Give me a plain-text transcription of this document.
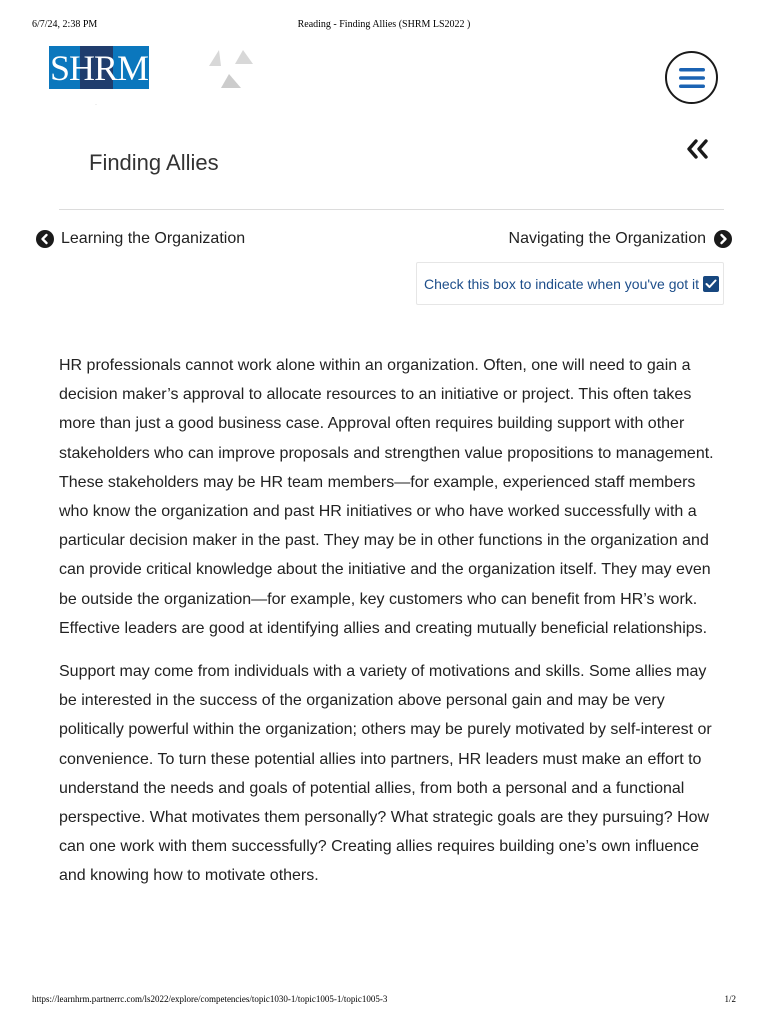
6/7/24, 2:38 PM	Reading - Finding Allies (SHRM LS2022 )
SHRM
·
Finding Allies
Learning the Organization	Navigating the Organization
Check this box to indicate when you've got it

HR professionals cannot work alone within an organization. Often, one will need to gain a decision maker’s approval to allocate resources to an initiative or project. This often takes more than just a good business case. Approval often requires building support with other stakeholders who can improve proposals and strengthen value propositions to management. These stakeholders may be HR team members—for example, experienced staff members who know the organization and past HR initiatives or who have worked successfully with a particular decision maker in the past. They may be in other functions in the organization and can provide critical knowledge about the initiative and the organization itself. They may even be outside the organization—for example, key customers who can benefit from HR’s work. Effective leaders are good at identifying allies and creating mutually beneficial relationships.

Support may come from individuals with a variety of motivations and skills. Some allies may be interested in the success of the organization above personal gain and may be very politically powerful within the organization; others may be purely motivated by self-interest or convenience. To turn these potential allies into partners, HR leaders must make an effort to understand the needs and goals of potential allies, from both a personal and a functional perspective. What motivates them personally? What strategic goals are they pursuing? How can one work with them successfully? Creating allies requires building one’s own influence and knowing how to motivate others.

https://learnhrm.partnerrc.com/ls2022/explore/competencies/topic1030-1/topic1005-1/topic1005-3	1/2
